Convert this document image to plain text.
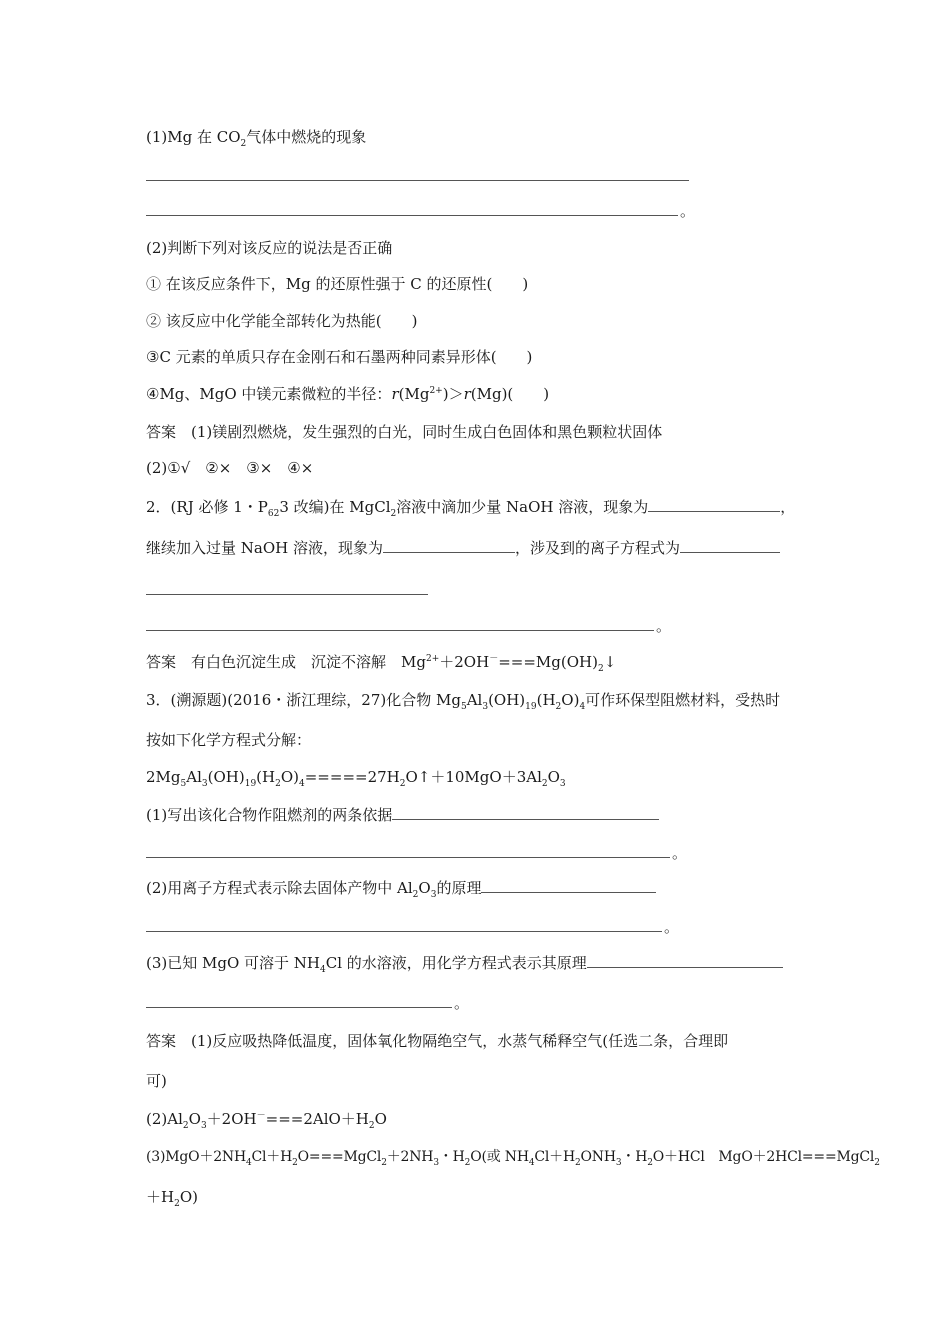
(1)Mg 在 $CO_2$气体中燃烧的现象
。
(2)判断下列对该反应的说法是否正确
① 在该反应条件下，Mg 的还原性强于 C 的还原性(　　)
② 该反应中化学能全部转化为热能(　　)
③C 元素的单质只存在金刚石和石墨两种同素异形体(　　)
④Mg、MgO 中镁元素微粒的半径：$r(Mg^{2+})>r(Mg)$(　　)
答案　(1)镁剧烈燃烧，发生强烈的白光，同时生成白色固体和黑色颗粒状固体
(2)①√　②×　③×　④×
2．(RJ 必修 1・$P_{62}3$ 改编)在 MgCl$_2$溶液中滴加少量 NaOH 溶液，现象为	，
继续加入过量 NaOH 溶液，现象为	，涉及到的离子方程式为
。
答案　有白色沉淀生成　沉淀不溶解　$Mg^{2+}+2OH^-===Mg(OH)_2↓$
3．(溯源题)(2016・浙江理综，27)化合物 $Mg_5Al_3(OH)_{19}(H_2O)_4$可作环保型阻燃材料，受热时
按如下化学方程式分解：
$2Mg_5Al_3(OH)_{19}(H_2O)_4=====27H_2O↑+10MgO+3Al_2O_3$
(1)写出该化合物作阻燃剂的两条依据
。
(2)用离子方程式表示除去固体产物中 $Al_2O_3$的原理
。
(3)已知 MgO 可溶于 $NH_4Cl$ 的水溶液，用化学方程式表示其原理
。
答案　(1)反应吸热降低温度，固体氧化物隔绝空气，水蒸气稀释空气(任选二条，合理即
可)
$(2)Al_2O_3+2OH^-===2AlO+H_2O$
$(3)MgO+2NH_4Cl+H_2O===MgCl_2+2NH_3$・$H_2O$(或 $NH_4Cl+H_2ONH_3$・$H_2O+HCl$　MgO＋2HCl===MgCl$_2$
$+H_2O$)
